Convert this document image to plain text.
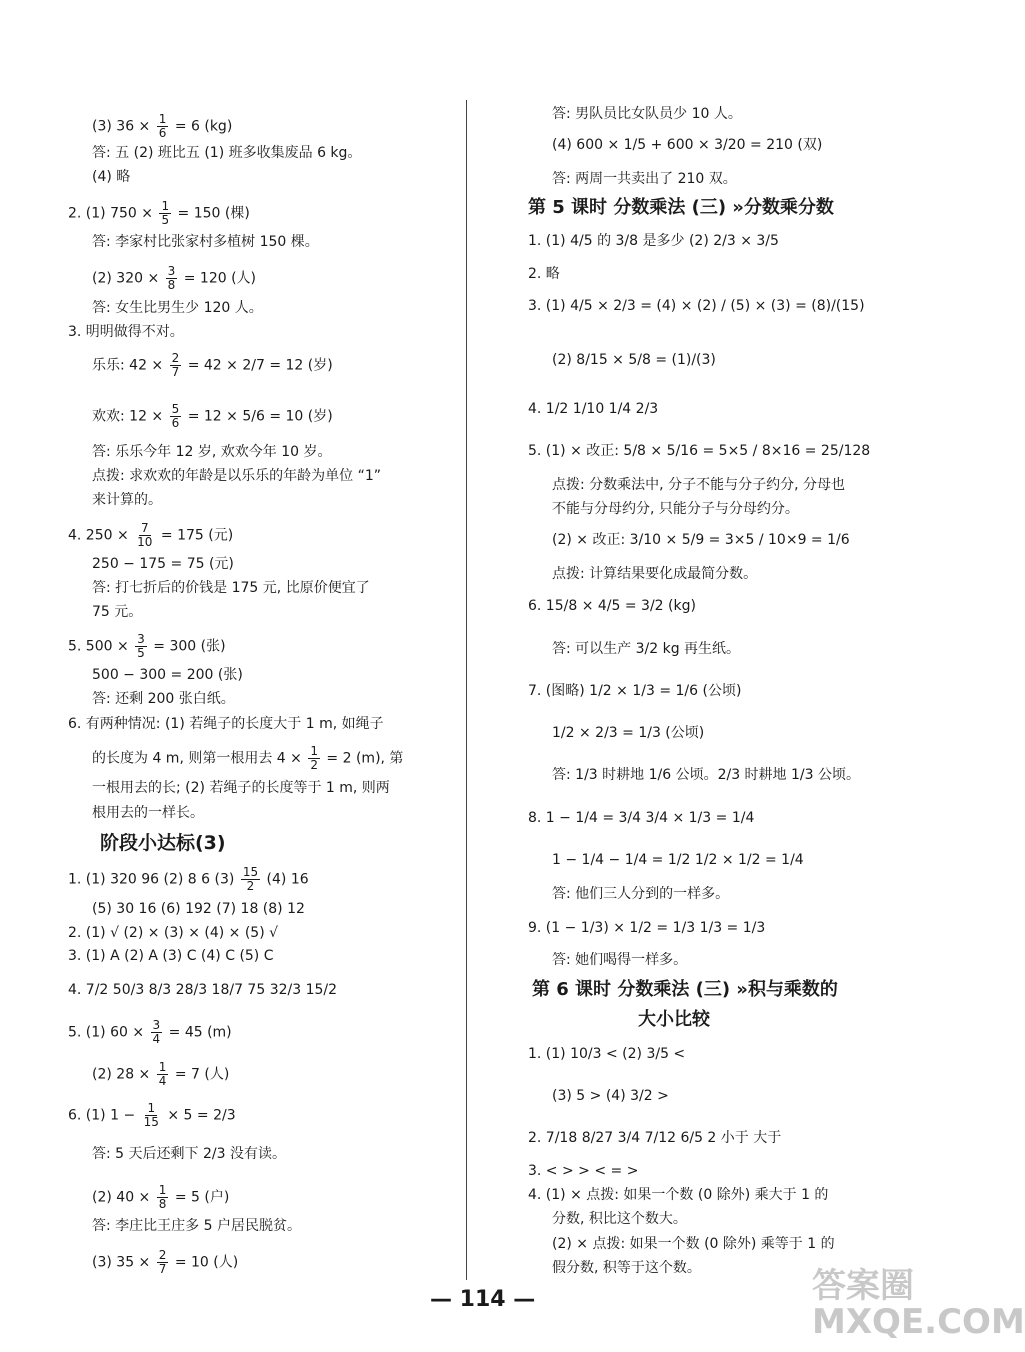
(3) $36 \times \frac{1}{6} = 6$ (kg)
答: 五 (2) 班比五 (1) 班多收集废品 6 kg。
(4) 略
2. (1) $750 \times \frac{1}{5} = 150$ (棵)
答: 李家村比张家村多植树 150 棵。
(2) $320 \times \frac{3}{8} = 120$ (人)
答: 女生比男生少 120 人。
3. 明明做得不对。
乐乐: $42 \times \frac{2}{7} = 42 \times 2/7 = 12$ (岁)
欢欢: $12 \times \frac{5}{6} = 12 \times 5/6 = 10$ (岁)
答: 乐乐今年 12 岁, 欢欢今年 10 岁。
点拨: 求欢欢的年龄是以乐乐的年龄为单位 “1”
来计算的。
4. $250 \times \frac{7}{10} = 175$ (元)
250 − 175 = 75 (元)
答: 打七折后的价钱是 175 元, 比原价便宜了
75 元。
5. $500 \times \frac{3}{5} = 300$ (张)
500 − 300 = 200 (张)
答: 还剩 200 张白纸。
6. 有两种情况: (1) 若绳子的长度大于 1 m, 如绳子
的长度为 4 m, 则第一根用去 $4 \times \frac{1}{2} = 2$ (m), 第
一根用去的长; (2) 若绳子的长度等于 1 m, 则两
根用去的一样长。
阶段小达标(3)
1. (1) 320 96 (2) 8 6 $(3) \frac{15}{2} (4)$ 16
(5) 30 16 (6) 192 (7) 18 (8) 12
2. (1) √ (2) × (3) × (4) × (5) √
3. (1) A (2) A (3) C (4) C (5) C
4. 7/2 50/3 8/3 28/3 18/7 75 32/3 15/2
5. (1) $60 \times \frac{3}{4} = 45$ (m)
(2) $28 \times \frac{1}{4} = 7$ (人)
6. (1) $1 - \frac{1}{15} \times 5 = 2/3$
答: 5 天后还剩下 2/3 没有读。
(2) $40 \times \frac{1}{8} = 5$ (户)
答: 李庄比王庄多 5 户居民脱贫。
(3) $35 \times \frac{2}{7} = 10$ (人)
答: 男队员比女队员少 10 人。
(4) 600 × 1/5 + 600 × 3/20 = 210 (双)
答: 两周一共卖出了 210 双。
第 5 课时 分数乘法 (三) »分数乘分数
1. (1) 4/5 的 3/8 是多少 (2) 2/3 × 3/5
2. 略
3. (1) 4/5 × 2/3 = (4) × (2) / (5) × (3) = (8)/(15)
(2) 8/15 × 5/8 = (1)/(3)
4. 1/2 1/10 1/4 2/3
5. (1) × 改正: 5/8 × 5/16 = 5×5 / 8×16 = 25/128
点拨: 分数乘法中, 分子不能与分子约分, 分母也
不能与分母约分, 只能分子与分母约分。
(2) × 改正: 3/10 × 5/9 = 3×5 / 10×9 = 1/6
点拨: 计算结果要化成最简分数。
6. 15/8 × 4/5 = 3/2 (kg)
答: 可以生产 3/2 kg 再生纸。
7. (图略) 1/2 × 1/3 = 1/6 (公顷)
1/2 × 2/3 = 1/3 (公顷)
答: 1/3 时耕地 1/6 公顷。2/3 时耕地 1/3 公顷。
8. 1 − 1/4 = 3/4 3/4 × 1/3 = 1/4
1 − 1/4 − 1/4 = 1/2 1/2 × 1/2 = 1/4
答: 他们三人分到的一样多。
9. (1 − 1/3) × 1/2 = 1/3 1/3 = 1/3
答: 她们喝得一样多。
第 6 课时 分数乘法 (三) »积与乘数的
大小比较
1. (1) 10/3 < (2) 3/5 <
(3) 5 > (4) 3/2 >
2. 7/18 8/27 3/4 7/12 6/5 2 小于 大于
3. < > > < = >
4. (1) × 点拨: 如果一个数 (0 除外) 乘大于 1 的
分数, 积比这个数大。
(2) × 点拨: 如果一个数 (0 除外) 乘等于 1 的
假分数, 积等于这个数。
— 114 —	答案圈 MXQE.COM
